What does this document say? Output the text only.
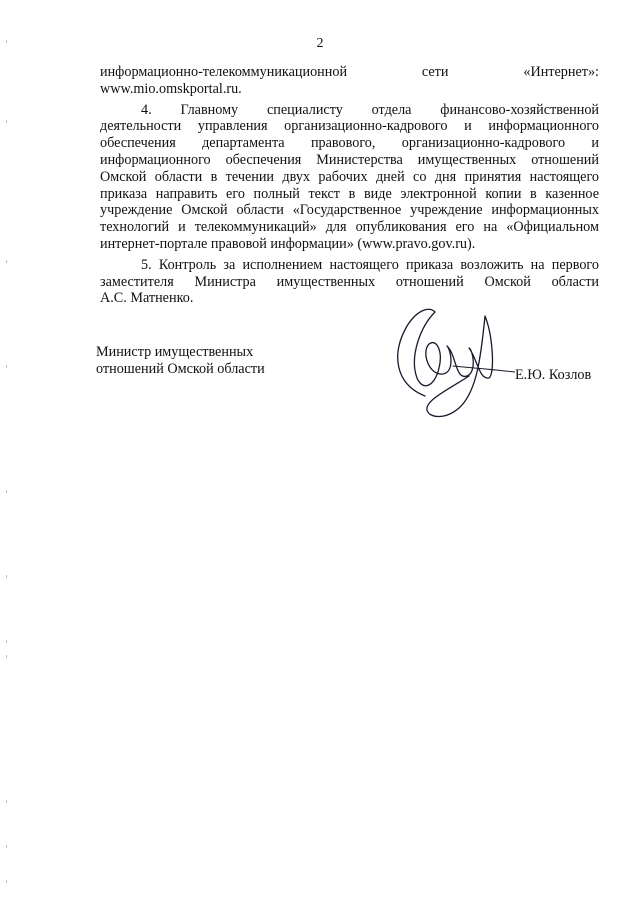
2
информационно-телекоммуникационной сети «Интернет»:
www.mio.omskportal.ru.
4. Главному специалисту отдела финансово-хозяйственной
деятельности управления организационно-кадрового и информационного
обеспечения департамента правового, организационно-кадрового и
информационного обеспечения Министерства имущественных отношений
Омской области в течении двух рабочих дней со дня принятия настоящего
приказа направить его полный текст в виде электронной копии в казенное
учреждение Омской области «Государственное учреждение информационных
технологий и телекоммуникаций» для опубликования его на «Официальном
интернет-портале правовой информации» (www.pravo.gov.ru).
5. Контроль за исполнением настоящего приказа возложить на первого
заместителя Министра имущественных отношений Омской области
А.С. Матненко.
Министр имущественных
отношений Омской области	Е.Ю. Козлов
